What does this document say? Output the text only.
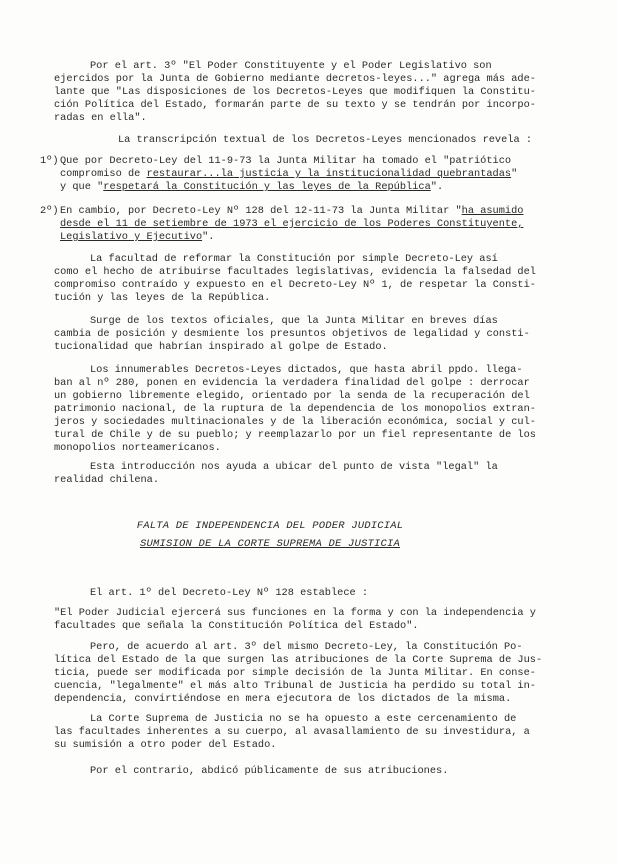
Por el art. 3º "El Poder Constituyente y el Poder Legislativo son
ejercidos por la Junta de Gobierno mediante decretos-leyes..." agrega más ade-
lante que "Las disposiciones de los Decretos-Leyes que modifiquen la Constitu-
ción Política del Estado, formarán parte de su texto y se tendrán por incorpo-
radas en ella".

La transcripción textual de los Decretos-Leyes mencionados revela :

1º) Que por Decreto-Ley del 11-9-73 la Junta Militar ha tomado el "patriótico
compromiso de restaurar...la justicia y la institucionalidad quebrantadas"
y que "respetará la Constitución y las leyes de la República".
2º) En cambio, por Decreto-Ley Nº 128 del 12-11-73 la Junta Militar "ha asumido
desde el 11 de setiembre de 1973 el ejercicio de los Poderes Constituyente,
Legislativo y Ejecutivo".

La facultad de reformar la Constitución por simple Decreto-Ley así
como el hecho de atribuirse facultades legislativas, evidencia la falsedad del
compromiso contraído y expuesto en el Decreto-Ley Nº 1, de respetar la Consti-
tución y las leyes de la República.

Surge de los textos oficiales, que la Junta Militar en breves días
cambia de posición y desmiente los presuntos objetivos de legalidad y consti-
tucionalidad que habrían inspirado al golpe de Estado.

Los innumerables Decretos-Leyes dictados, que hasta abril ppdo. llega-
ban al nº 280, ponen en evidencia la verdadera finalidad del golpe : derrocar
un gobierno libremente elegido, orientado por la senda de la recuperación del
patrimonio nacional, de la ruptura de la dependencia de los monopolios extran-
jeros y sociedades multinacionales y de la liberación económica, social y cul-
tural de Chile y de su pueblo; y reemplazarlo por un fiel representante de los
monopolios norteamericanos.

Esta introducción nos ayuda a ubicar del punto de vista "legal" la
realidad chilena.

FALTA DE INDEPENDENCIA DEL PODER JUDICIAL
SUMISION DE LA CORTE SUPREMA DE JUSTICIA

El art. 1º del Decreto-Ley Nº 128 establece :

"El Poder Judicial ejercerá sus funciones en la forma y con la independencia y
facultades que señala la Constitución Política del Estado".

Pero, de acuerdo al art. 3º del mismo Decreto-Ley, la Constitución Po-
lítica del Estado de la que surgen las atribuciones de la Corte Suprema de Jus-
ticia, puede ser modificada por simple decisión de la Junta Militar. En conse-
cuencia, "legalmente" el más alto Tribunal de Justicia ha perdido su total in-
dependencia, convirtiéndose en mera ejecutora de los dictados de la misma.

La Corte Suprema de Justicia no se ha opuesto a este cercenamiento de
las facultades inherentes a su cuerpo, al avasallamiento de su investidura, a
su sumisión a otro poder del Estado.

Por el contrario, abdicó públicamente de sus atribuciones.
